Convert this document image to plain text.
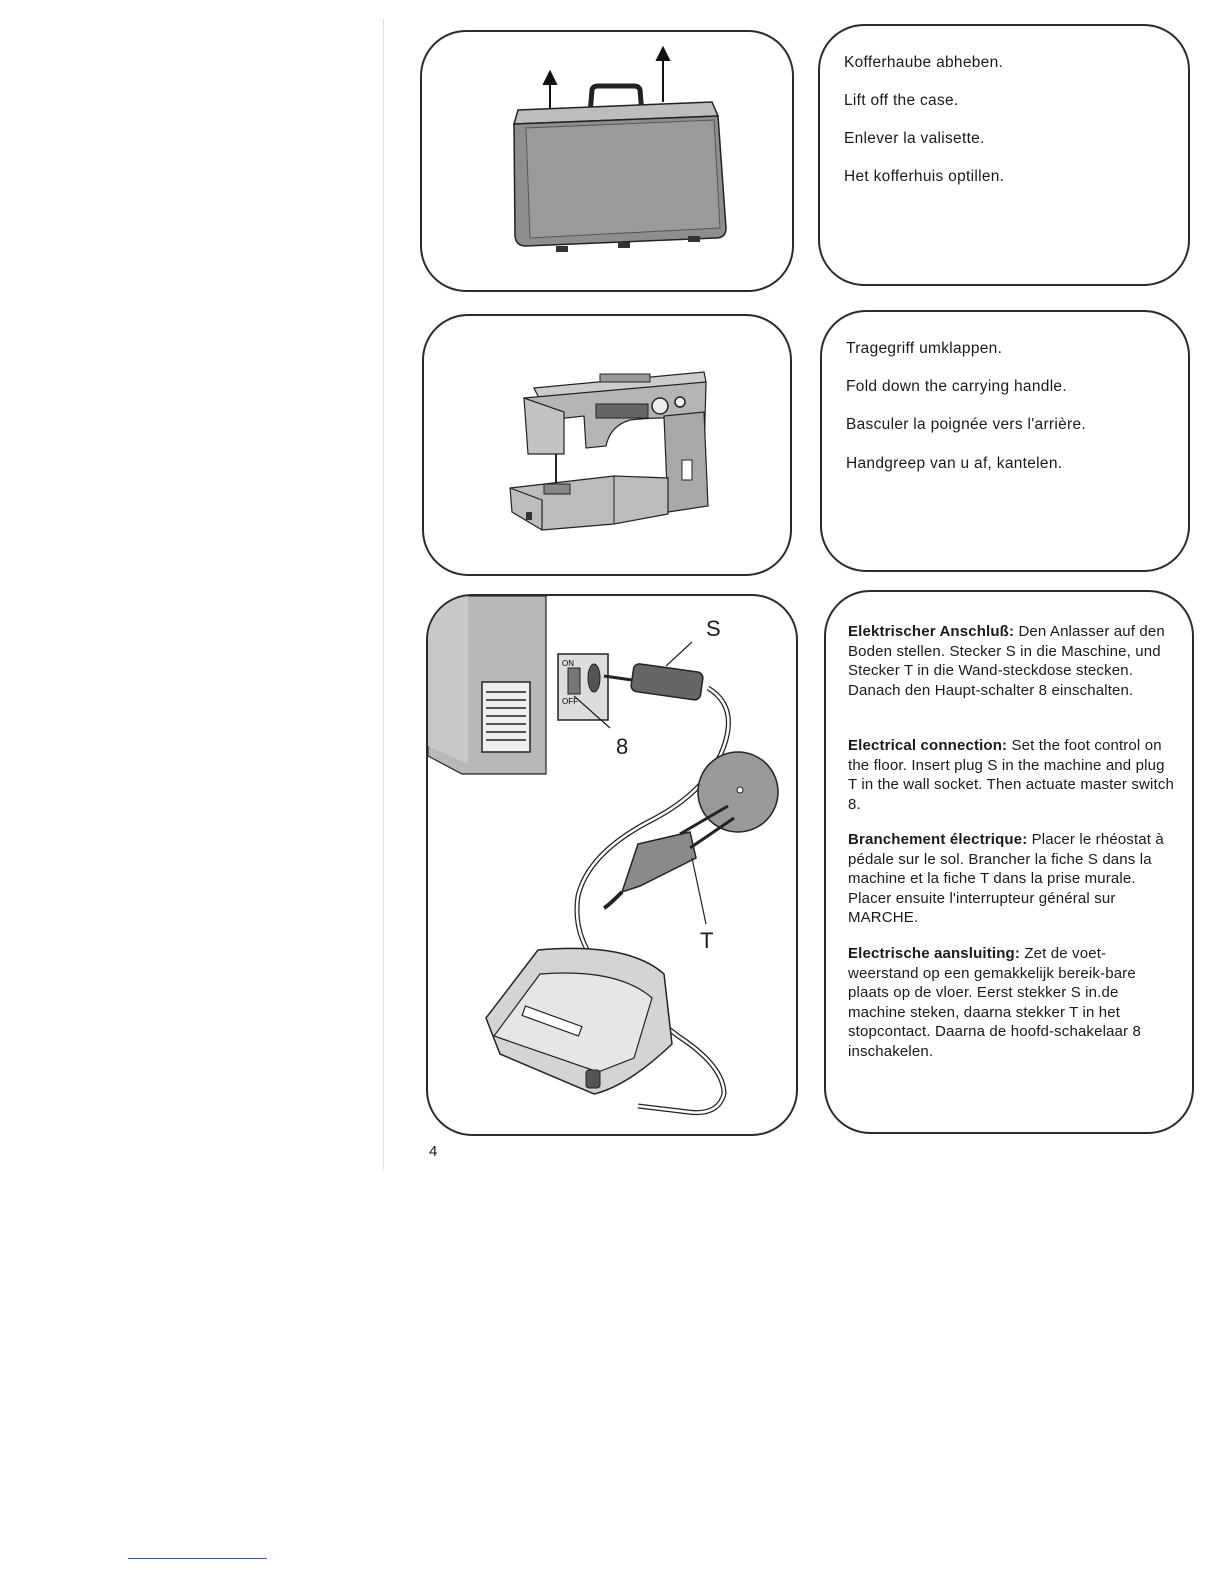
Kofferhaube abheben.

Lift off the case.

Enlever la valisette.

Het kofferhuis optillen.

Tragegriff umklappen.

Fold down the carrying handle.

Basculer la poignée vers l'arrière.

Handgreep van u af, kantelen.

ON
OFF
S
8
T
Elektrischer Anschluß: Den Anlasser auf den Boden stellen. Stecker S in die Maschine, und Stecker T in die Wand-steckdose stecken. Danach den Haupt-schalter 8 einschalten.
Electrical connection: Set the foot control on the floor. Insert plug S in the machine and plug T in the wall socket. Then actuate master switch 8.
Branchement électrique: Placer le rhéostat à pédale sur le sol. Brancher la fiche S dans la machine et la fiche T dans la prise murale. Placer ensuite l'interrupteur général sur MARCHE.
Electrische aansluiting: Zet de voet-weerstand op een gemakkelijk bereik-bare plaats op de vloer. Eerst stekker S in.de machine steken, daarna stekker T in het stopcontact. Daarna de hoofd-schakelaar 8 inschakelen.
4
